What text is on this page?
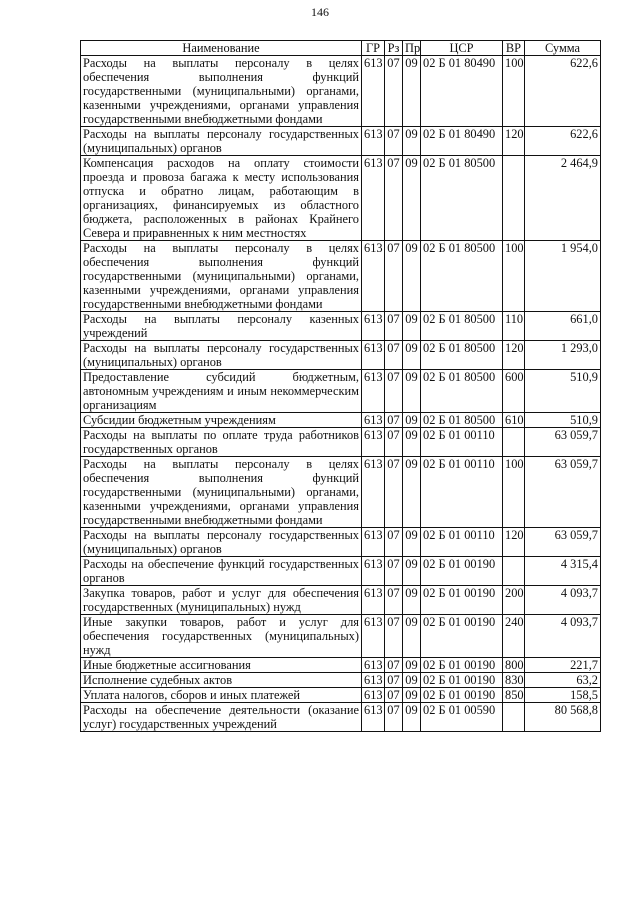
146
Наименование	ГР	Рз	Пр	ЦСР	ВР	Сумма
Расходы на выплаты персоналу в целях обеспечения выполнения функций государственными (муниципальными) органами, казенными учреждениями, органами управления государственными внебюджетными фондами	613	07	09	02 Б 01 80490	100	622,6
Расходы на выплаты персоналу государственных (муниципальных) органов	613	07	09	02 Б 01 80490	120	622,6
Компенсация расходов на оплату стоимости проезда и провоза багажа к месту использования отпуска и обратно лицам, работающим в организациях, финансируемых из областного бюджета, расположенных в районах Крайнего Севера и приравненных к ним местностях	613	07	09	02 Б 01 80500		2 464,9
Расходы на выплаты персоналу в целях обеспечения выполнения функций государственными (муниципальными) органами, казенными учреждениями, органами управления государственными внебюджетными фондами	613	07	09	02 Б 01 80500	100	1 954,0
Расходы на выплаты персоналу казенных учреждений	613	07	09	02 Б 01 80500	110	661,0
Расходы на выплаты персоналу государственных (муниципальных) органов	613	07	09	02 Б 01 80500	120	1 293,0
Предоставление субсидий бюджетным, автономным учреждениям и иным некоммерческим организациям	613	07	09	02 Б 01 80500	600	510,9
Субсидии бюджетным учреждениям	613	07	09	02 Б 01 80500	610	510,9
Расходы на выплаты по оплате труда работников государственных органов	613	07	09	02 Б 01 00110		63 059,7
Расходы на выплаты персоналу в целях обеспечения выполнения функций государственными (муниципальными) органами, казенными учреждениями, органами управления государственными внебюджетными фондами	613	07	09	02 Б 01 00110	100	63 059,7
Расходы на выплаты персоналу государственных (муниципальных) органов	613	07	09	02 Б 01 00110	120	63 059,7
Расходы на обеспечение функций государственных органов	613	07	09	02 Б 01 00190		4 315,4
Закупка товаров, работ и услуг для обеспечения государственных (муниципальных) нужд	613	07	09	02 Б 01 00190	200	4 093,7
Иные закупки товаров, работ и услуг для обеспечения государственных (муниципальных) нужд	613	07	09	02 Б 01 00190	240	4 093,7
Иные бюджетные ассигнования	613	07	09	02 Б 01 00190	800	221,7
Исполнение судебных актов	613	07	09	02 Б 01 00190	830	63,2
Уплата налогов, сборов и иных платежей	613	07	09	02 Б 01 00190	850	158,5
Расходы на обеспечение деятельности (оказание услуг) государственных учреждений	613	07	09	02 Б 01 00590		80 568,8
